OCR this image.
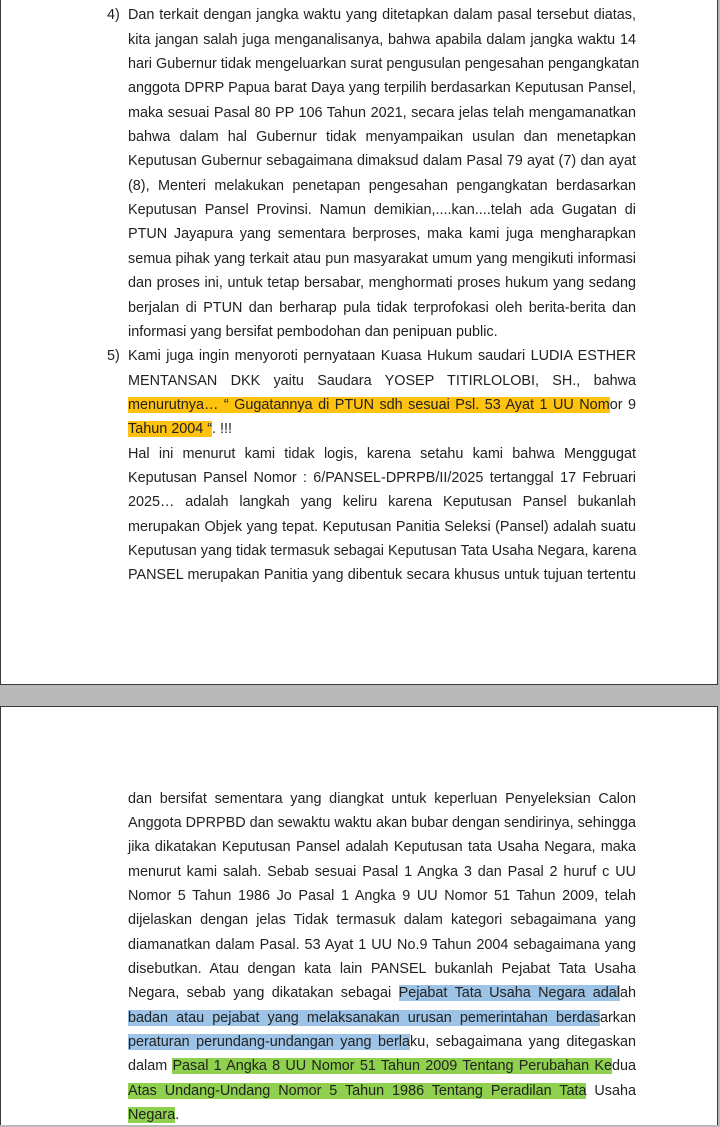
4) Dan terkait dengan jangka waktu yang ditetapkan dalam pasal tersebut diatas,
kita jangan salah juga menganalisanya, bahwa apabila dalam jangka waktu 14
hari Gubernur tidak mengeluarkan surat pengusulan pengesahan pengangkatan
anggota DPRP Papua barat Daya yang terpilih berdasarkan Keputusan Pansel,
maka sesuai Pasal 80 PP 106 Tahun 2021, secara jelas telah mengamanatkan
bahwa dalam hal Gubernur tidak menyampaikan usulan dan menetapkan
Keputusan Gubernur sebagaimana dimaksud dalam Pasal 79 ayat (7) dan ayat
(8), Menteri melakukan penetapan pengesahan pengangkatan berdasarkan
Keputusan Pansel Provinsi. Namun demikian,....kan....telah ada Gugatan di
PTUN Jayapura yang sementara berproses, maka kami juga mengharapkan
semua pihak yang terkait atau pun masyarakat umum yang mengikuti informasi
dan proses ini, untuk tetap bersabar, menghormati proses hukum yang sedang
berjalan di PTUN dan berharap pula tidak terprofokasi oleh berita-berita dan
informasi yang bersifat pembodohan dan penipuan public.
5) Kami juga ingin menyoroti pernyataan Kuasa Hukum saudari LUDIA ESTHER
MENTANSAN DKK yaitu Saudara YOSEP TITIRLOLOBI, SH., bahwa
menurutnya… “ Gugatannya di PTUN sdh sesuai Psl. 53 Ayat 1 UU Nomor 9
Tahun 2004 “. !!!
Hal ini menurut kami tidak logis, karena setahu kami bahwa Menggugat
Keputusan Pansel Nomor : 6/PANSEL-DPRPB/II/2025 tertanggal 17 Februari
2025… adalah langkah yang keliru karena Keputusan Pansel bukanlah
merupakan Objek yang tepat. Keputusan Panitia Seleksi (Pansel) adalah suatu
Keputusan yang tidak termasuk sebagai Keputusan Tata Usaha Negara, karena
PANSEL merupakan Panitia yang dibentuk secara khusus untuk tujuan tertentu
dan bersifat sementara yang diangkat untuk keperluan Penyeleksian Calon
Anggota DPRPBD dan sewaktu waktu akan bubar dengan sendirinya, sehingga
jika dikatakan Keputusan Pansel adalah Keputusan tata Usaha Negara, maka
menurut kami salah. Sebab sesuai Pasal 1 Angka 3 dan Pasal 2 huruf c UU
Nomor 5 Tahun 1986 Jo Pasal 1 Angka 9 UU Nomor 51 Tahun 2009, telah
dijelaskan dengan jelas Tidak termasuk dalam kategori sebagaimana yang
diamanatkan dalam Pasal. 53 Ayat 1 UU No.9 Tahun 2004 sebagaimana yang
disebutkan. Atau dengan kata lain PANSEL bukanlah Pejabat Tata Usaha
Negara, sebab yang dikatakan sebagai Pejabat Tata Usaha Negara adalah
badan atau pejabat yang melaksanakan urusan pemerintahan berdasarkan
peraturan perundang-undangan yang berlaku, sebagaimana yang ditegaskan
dalam Pasal 1 Angka 8 UU Nomor 51 Tahun 2009 Tentang Perubahan Kedua
Atas Undang-Undang Nomor 5 Tahun 1986 Tentang Peradilan Tata Usaha
Negara.
